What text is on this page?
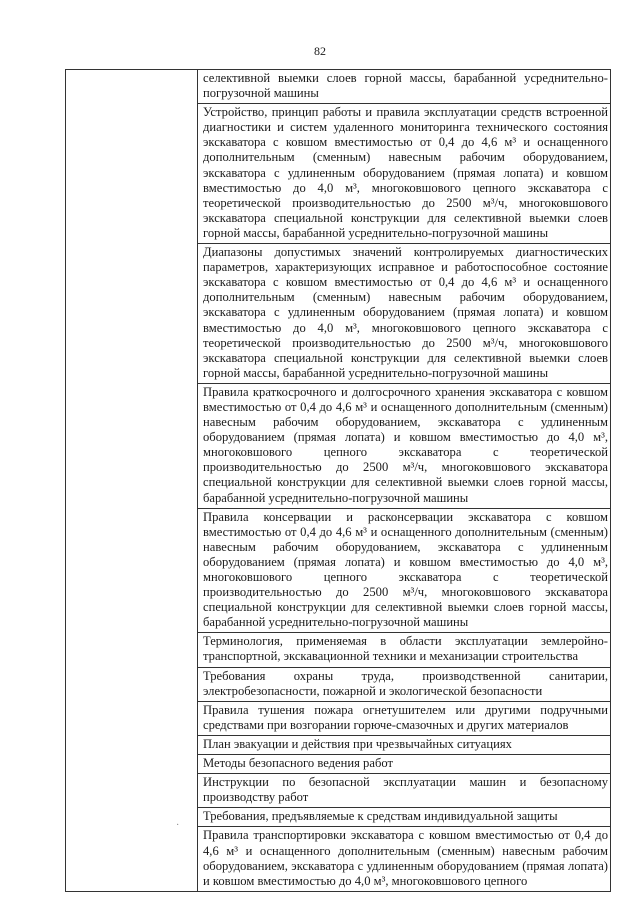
82
	селективной выемки слоев горной массы, барабанной усреднительно-погрузочной машины
Устройство, принцип работы и правила эксплуатации средств встроенной диагностики и систем удаленного мониторинга технического состояния экскаватора с ковшом вместимостью от 0,4 до 4,6 м³ и оснащенного дополнительным (сменным) навесным рабочим оборудованием, экскаватора с удлиненным оборудованием (прямая лопата) и ковшом вместимостью до 4,0 м³, многоковшового цепного экскаватора с теоретической производительностью до 2500 м³/ч, многоковшового экскаватора специальной конструкции для селективной выемки слоев горной массы, барабанной усреднительно-погрузочной машины
Диапазоны допустимых значений контролируемых диагностических параметров, характеризующих исправное и работоспособное состояние экскаватора с ковшом вместимостью от 0,4 до 4,6 м³ и оснащенного дополнительным (сменным) навесным рабочим оборудованием, экскаватора с удлиненным оборудованием (прямая лопата) и ковшом вместимостью до 4,0 м³, многоковшового цепного экскаватора с теоретической производительностью до 2500 м³/ч, многоковшового экскаватора специальной конструкции для селективной выемки слоев горной массы, барабанной усреднительно-погрузочной машины
Правила краткосрочного и долгосрочного хранения экскаватора с ковшом вместимостью от 0,4 до 4,6 м³ и оснащенного дополнительным (сменным) навесным рабочим оборудованием, экскаватора с удлиненным оборудованием (прямая лопата) и ковшом вместимостью до 4,0 м³, многоковшового цепного экскаватора с теоретической производительностью до 2500 м³/ч, многоковшового экскаватора специальной конструкции для селективной выемки слоев горной массы, барабанной усреднительно-погрузочной машины
Правила консервации и расконсервации экскаватора с ковшом вместимостью от 0,4 до 4,6 м³ и оснащенного дополнительным (сменным) навесным рабочим оборудованием, экскаватора с удлиненным оборудованием (прямая лопата) и ковшом вместимостью до 4,0 м³, многоковшового цепного экскаватора с теоретической производительностью до 2500 м³/ч, многоковшового экскаватора специальной конструкции для селективной выемки слоев горной массы, барабанной усреднительно-погрузочной машины
Терминология, применяемая в области эксплуатации землеройно-транспортной, экскавационной техники и механизации строительства
Требования охраны труда, производственной санитарии, электробезопасности, пожарной и экологической безопасности
Правила тушения пожара огнетушителем или другими подручными средствами при возгорании горюче-смазочных и других материалов
План эвакуации и действия при чрезвычайных ситуациях
Методы безопасного ведения работ
Инструкции по безопасной эксплуатации машин и безопасному производству работ
Требования, предъявляемые к средствам индивидуальной защиты
Правила транспортировки экскаватора с ковшом вместимостью от 0,4 до 4,6 м³ и оснащенного дополнительным (сменным) навесным рабочим оборудованием, экскаватора с удлиненным оборудованием (прямая лопата) и ковшом вместимостью до 4,0 м³, многоковшового цепного
·
